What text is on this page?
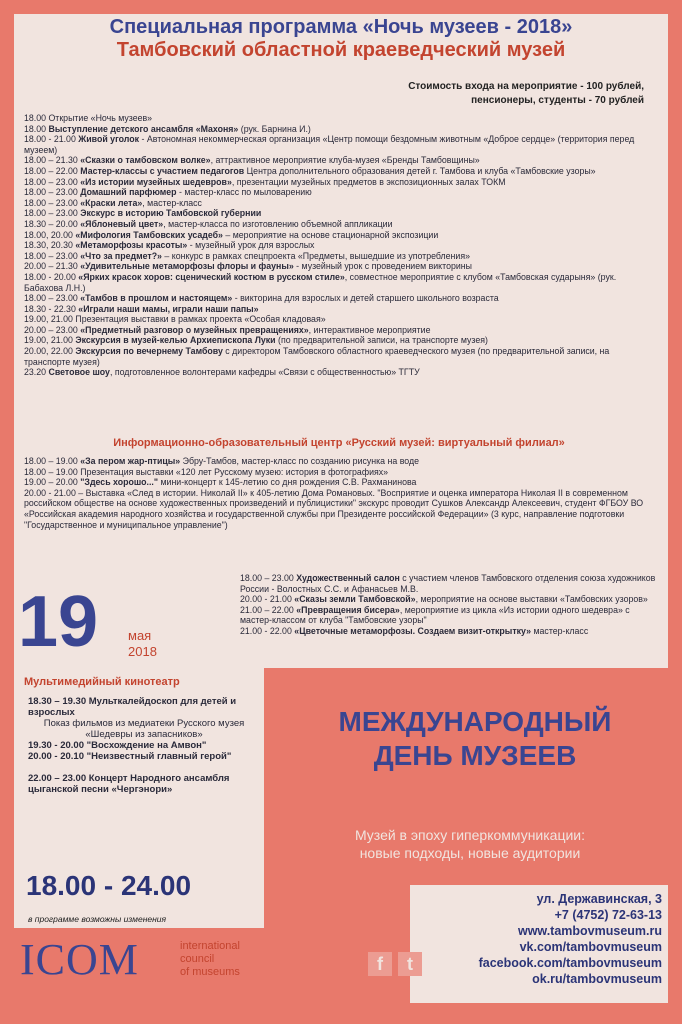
Специальная программа «Ночь музеев - 2018»
Тамбовский областной краеведческий музей
Стоимость входа на мероприятие - 100 рублей,
пенсионеры, студенты - 70 рублей
18.00 Открытие «Ночь музеев»
18.00 Выступление детского ансамбля «Махоня» (рук. Барнина И.)
18.00 - 21.00 Живой уголок - Автономная некоммерческая организация «Центр помощи бездомным животным «Доброе сердце» (территория перед музеем)
18.00 – 21.30 «Сказки о тамбовском волке», аттрактивное мероприятие клуба-музея «Бренды Тамбовщины»
18.00 – 22.00 Мастер-классы с участием педагогов Центра дополнительного образования детей г. Тамбова и клуба «Тамбовские узоры»
18.00 – 23.00 «Из истории музейных шедевров», презентации музейных предметов в экспозиционных залах ТОКМ
18.00 – 23.00 Домашний парфюмер - мастер-класс по мыловарению
18.00 – 23.00 «Краски лета», мастер-класс
18.00 – 23.00 Экскурс в историю Тамбовской губернии
18.30 – 20.00 «Яблоневый цвет», мастер-класса по изготовлению объемной аппликации
18.00, 20.00 «Мифология Тамбовских усадеб» – мероприятие на основе стационарной экспозиции
18.30, 20.30 «Метаморфозы красоты» - музейный урок для взрослых
18.00 – 23.00 «Что за предмет?» – конкурс в рамках спецпроекта «Предметы, вышедшие из употребления»
20.00 – 21.30 «Удивительные метаморфозы флоры и фауны» - музейный урок с проведением викторины
18.00 - 20.00 «Ярких красок хоров: сценический костюм в русском стиле», совместное мероприятие с клубом «Тамбовская сударыня» (рук. Бабахова Л.Н.)
18.00 – 23.00 «Тамбов в прошлом и настоящем» - викторина для взрослых и детей старшего школьного возраста
18.30 - 22.30 «Играли наши мамы, играли наши папы»
19.00, 21.00 Презентация выставки в рамках проекта «Особая кладовая»
20.00 – 23.00 «Предметный разговор о музейных превращениях», интерактивное мероприятие
19.00, 21.00 Экскурсия в музей-келью Архиепископа Луки (по предварительной записи, на транспорте музея)
20.00, 22.00 Экскурсия по вечернему Тамбову с директором Тамбовского областного краеведческого музея (по предварительной записи, на транспорте музея)
23.20 Световое шоу, подготовленное волонтерами кафедры «Связи с общественностью» ТГТУ
Информационно-образовательный центр «Русский музей: виртуальный филиал»
18.00 – 19.00 «За пером жар-птицы» Эбру-Тамбов, мастер-класс по созданию рисунка на воде
18.00 – 19.00 Презентация выставки «120 лет Русскому музею: история в фотографиях»
19.00 – 20.00 "Здесь хорошо..." мини-концерт к 145-летию со дня рождения С.В. Рахманинова
20.00 - 21.00 – Выставка «След в истории. Николай II» к 405-летию Дома Романовых. "Восприятие и оценка императора Николая II в современном российском обществе на основе художественных произведений и публицистики" экскурс проводит Сушков Александр Алексеевич, студент ФГБОУ ВО «Российская академия народного хозяйства и государственной службы при Президенте российской Федерации» (3 курс, направление подготовки "Государственное и муниципальное управление")
19 мая
2018
18.00 – 23.00 Художественный салон с участием членов Тамбовского отделения союза художников России - Волостных С.С. и Афанасьев М.В.
20.00 - 21.00 «Сказы земли Тамбовской», мероприятие на основе выставки «Тамбовских узоров»
21.00 – 22.00 «Превращения бисера», мероприятие из цикла «Из истории одного шедевра» с мастер-классом от клуба "Тамбовские узоры"
21.00 - 22.00 «Цветочные метаморфозы. Создаем визит-открытку» мастер-класс
Мультимедийный кинотеатр
18.30 – 19.30 Мульткалейдоскоп для детей и взрослых
Показ фильмов из медиатеки Русского музея «Шедевры из запасников»
19.30 - 20.00 "Восхождение на Амвон"
20.00 - 20.10 "Неизвестный главный герой"
22.00 – 23.00 Концерт Народного ансамбля цыганской песни «Чергэнори»
18.00 - 24.00
в программе возможны изменения
ICOM	international
council
of museums
МЕЖДУНАРОДНЫЙ
ДЕНЬ МУЗЕЕВ
Музей в эпоху гиперкоммуникации:
новые подходы, новые аудитории
f t
ул. Державинская, 3
+7 (4752) 72-63-13
www.tambovmuseum.ru
vk.com/tambovmuseum
facebook.com/tambovmuseum
ok.ru/tambovmuseum
